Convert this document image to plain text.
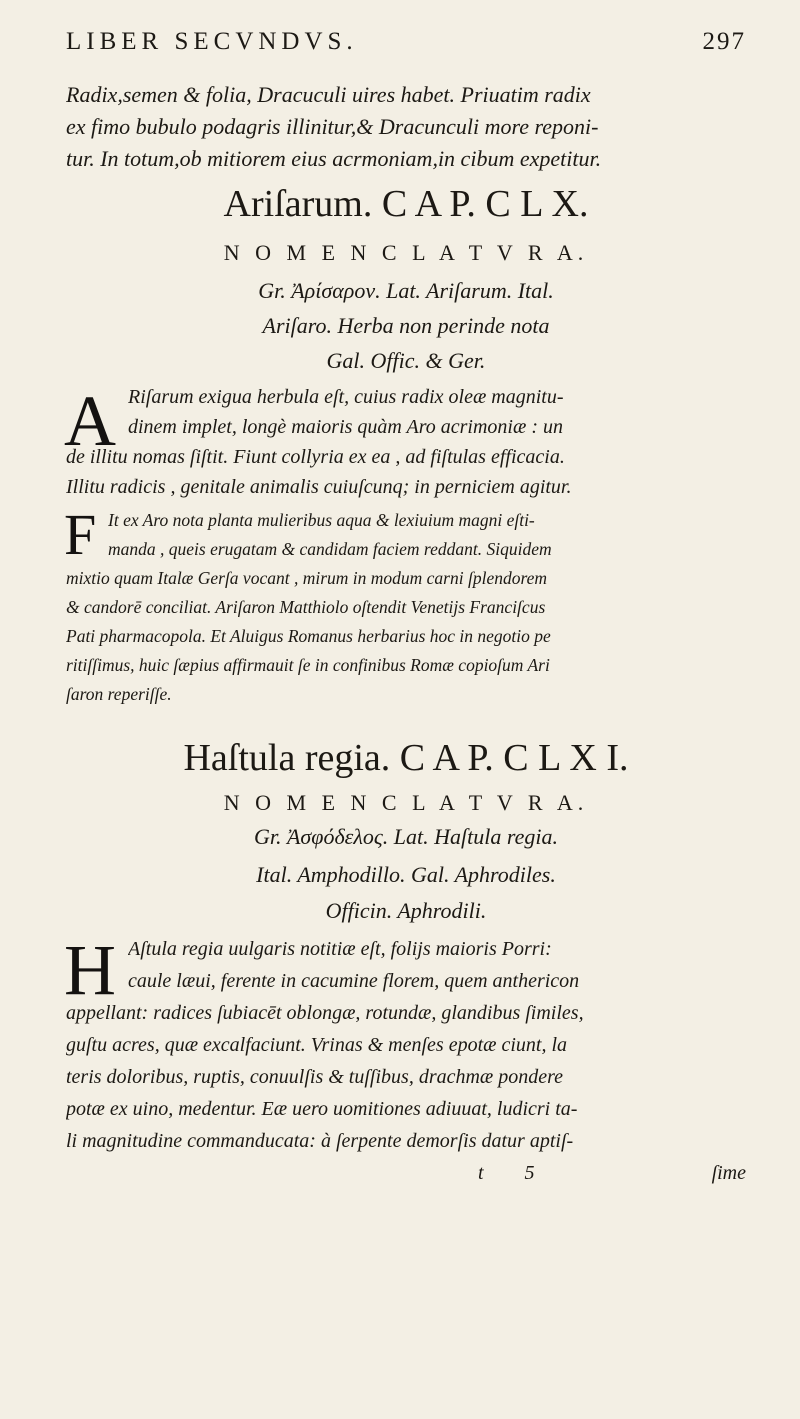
LIBER SECVNDVS.	297
Radix,semen & folia, Dracuculi uires habet. Priuatim radix
ex fimo bubulo podagris illinitur,& Dracunculi more reponi-
tur. In totum,ob mitiorem eius acrmoniam,in cibum expetitur.
Ariſarum. C A P. C L X.
N O M E N C L A T V R A.
Gr. Ἀρίσαρον. Lat. Ariſarum. Ital.
Ariſaro. Herba non perinde nota
Gal. Offic. & Ger.
A Riſarum exigua herbula eſt, cuius radix oleæ magnitu-
dinem implet, longè maioris quàm Aro acrimoniæ : un
de illitu nomas ſiſtit. Fiunt collyria ex ea , ad fiſtulas efficacia.
Illitu radicis , genitale animalis cuiuſcunq; in perniciem agitur.
F It ex Aro nota planta mulieribus aqua & lexiuium magni eſti-
manda , queis erugatam & candidam faciem reddant. Siquidem
mixtio quam Italæ Gerſa vocant , mirum in modum carni ſplendorem
& candorē conciliat. Ariſaron Matthiolo oſtendit Venetijs Franciſcus
Pati pharmacopola. Et Aluigus Romanus herbarius hoc in negotio pe
ritiſſimus, huic ſæpius affirmauit ſe in confinibus Romæ copioſum Ari
ſaron reperiſſe.
Haſtula regia. C A P. C L X I.
N O M E N C L A T V R A.
Gr. Ἀσφόδελος. Lat. Haſtula regia.
Ital. Amphodillo. Gal. Aphrodiles.
Officin. Aphrodili.
H Aſtula regia uulgaris notitiæ eſt, folijs maioris Porri:
caule læui, ferente in cacumine florem, quem anthericon
appellant: radices ſubiacēt oblongæ, rotundæ, glandibus ſimiles,
guſtu acres, quæ excalfaciunt. Vrinas & menſes epotæ ciunt, la
teris doloribus, ruptis, conuulſis & tuſſibus, drachmæ pondere
potæ ex uino, medentur. Eæ uero uomitiones adiuuat, ludicri ta-
li magnitudine commanducata: à ſerpente demorſis datur aptiſ-
t 5	ſime
